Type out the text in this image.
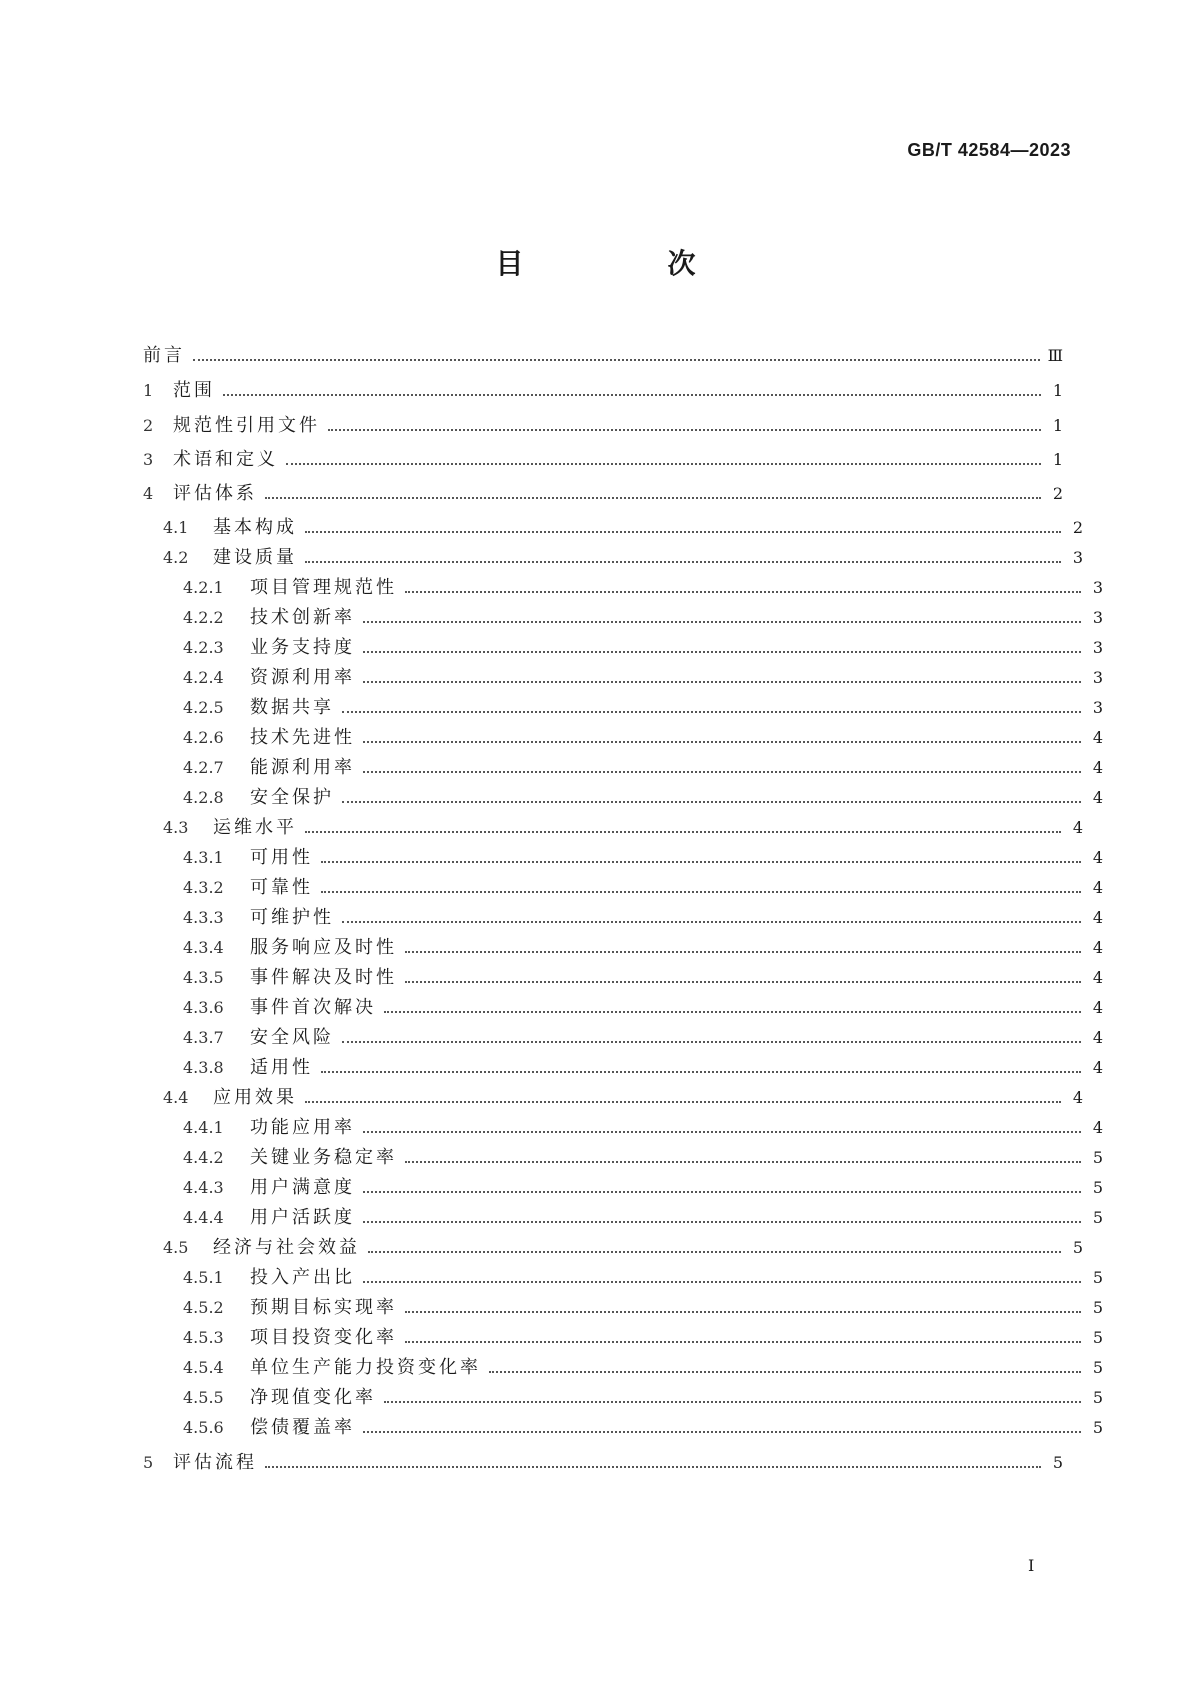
GB/T 42584—2023
目　次
前言	Ⅲ
1	范围	1
2	规范性引用文件	1
3	术语和定义	1
4	评估体系	2
4.1	基本构成	2
4.2	建设质量	3
4.2.1	项目管理规范性	3
4.2.2	技术创新率	3
4.2.3	业务支持度	3
4.2.4	资源利用率	3
4.2.5	数据共享	3
4.2.6	技术先进性	4
4.2.7	能源利用率	4
4.2.8	安全保护	4
4.3	运维水平	4
4.3.1	可用性	4
4.3.2	可靠性	4
4.3.3	可维护性	4
4.3.4	服务响应及时性	4
4.3.5	事件解决及时性	4
4.3.6	事件首次解决	4
4.3.7	安全风险	4
4.3.8	适用性	4
4.4	应用效果	4
4.4.1	功能应用率	4
4.4.2	关键业务稳定率	5
4.4.3	用户满意度	5
4.4.4	用户活跃度	5
4.5	经济与社会效益	5
4.5.1	投入产出比	5
4.5.2	预期目标实现率	5
4.5.3	项目投资变化率	5
4.5.4	单位生产能力投资变化率	5
4.5.5	净现值变化率	5
4.5.6	偿债覆盖率	5
5	评估流程	5
I
